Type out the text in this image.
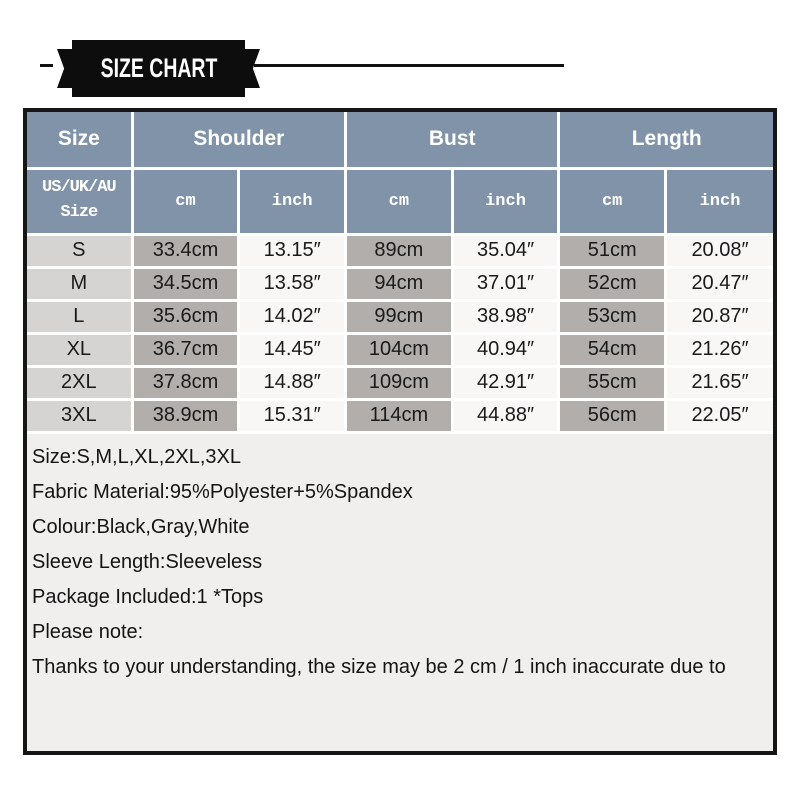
SIZE CHART
Size	Shoulder		Bust		Length	
US/UK/AU
Size	cm	inch	cm	inch	cm	inch
S	33.4cm	13.15″	89cm	35.04″	51cm	20.08″
M	34.5cm	13.58″	94cm	37.01″	52cm	20.47″
L	35.6cm	14.02″	99cm	38.98″	53cm	20.87″
XL	36.7cm	14.45″	104cm	40.94″	54cm	21.26″
2XL	37.8cm	14.88″	109cm	42.91″	55cm	21.65″
3XL	38.9cm	15.31″	114cm	44.88″	56cm	22.05″

Size:S,M,L,XL,2XL,3XL

Fabric Material:95%Polyester+5%Spandex

Colour:Black,Gray,White

Sleeve Length:Sleeveless

Package Included:1 *Tops

Please note:

Thanks to your understanding, the size may be 2 cm / 1 inch inaccurate due to
